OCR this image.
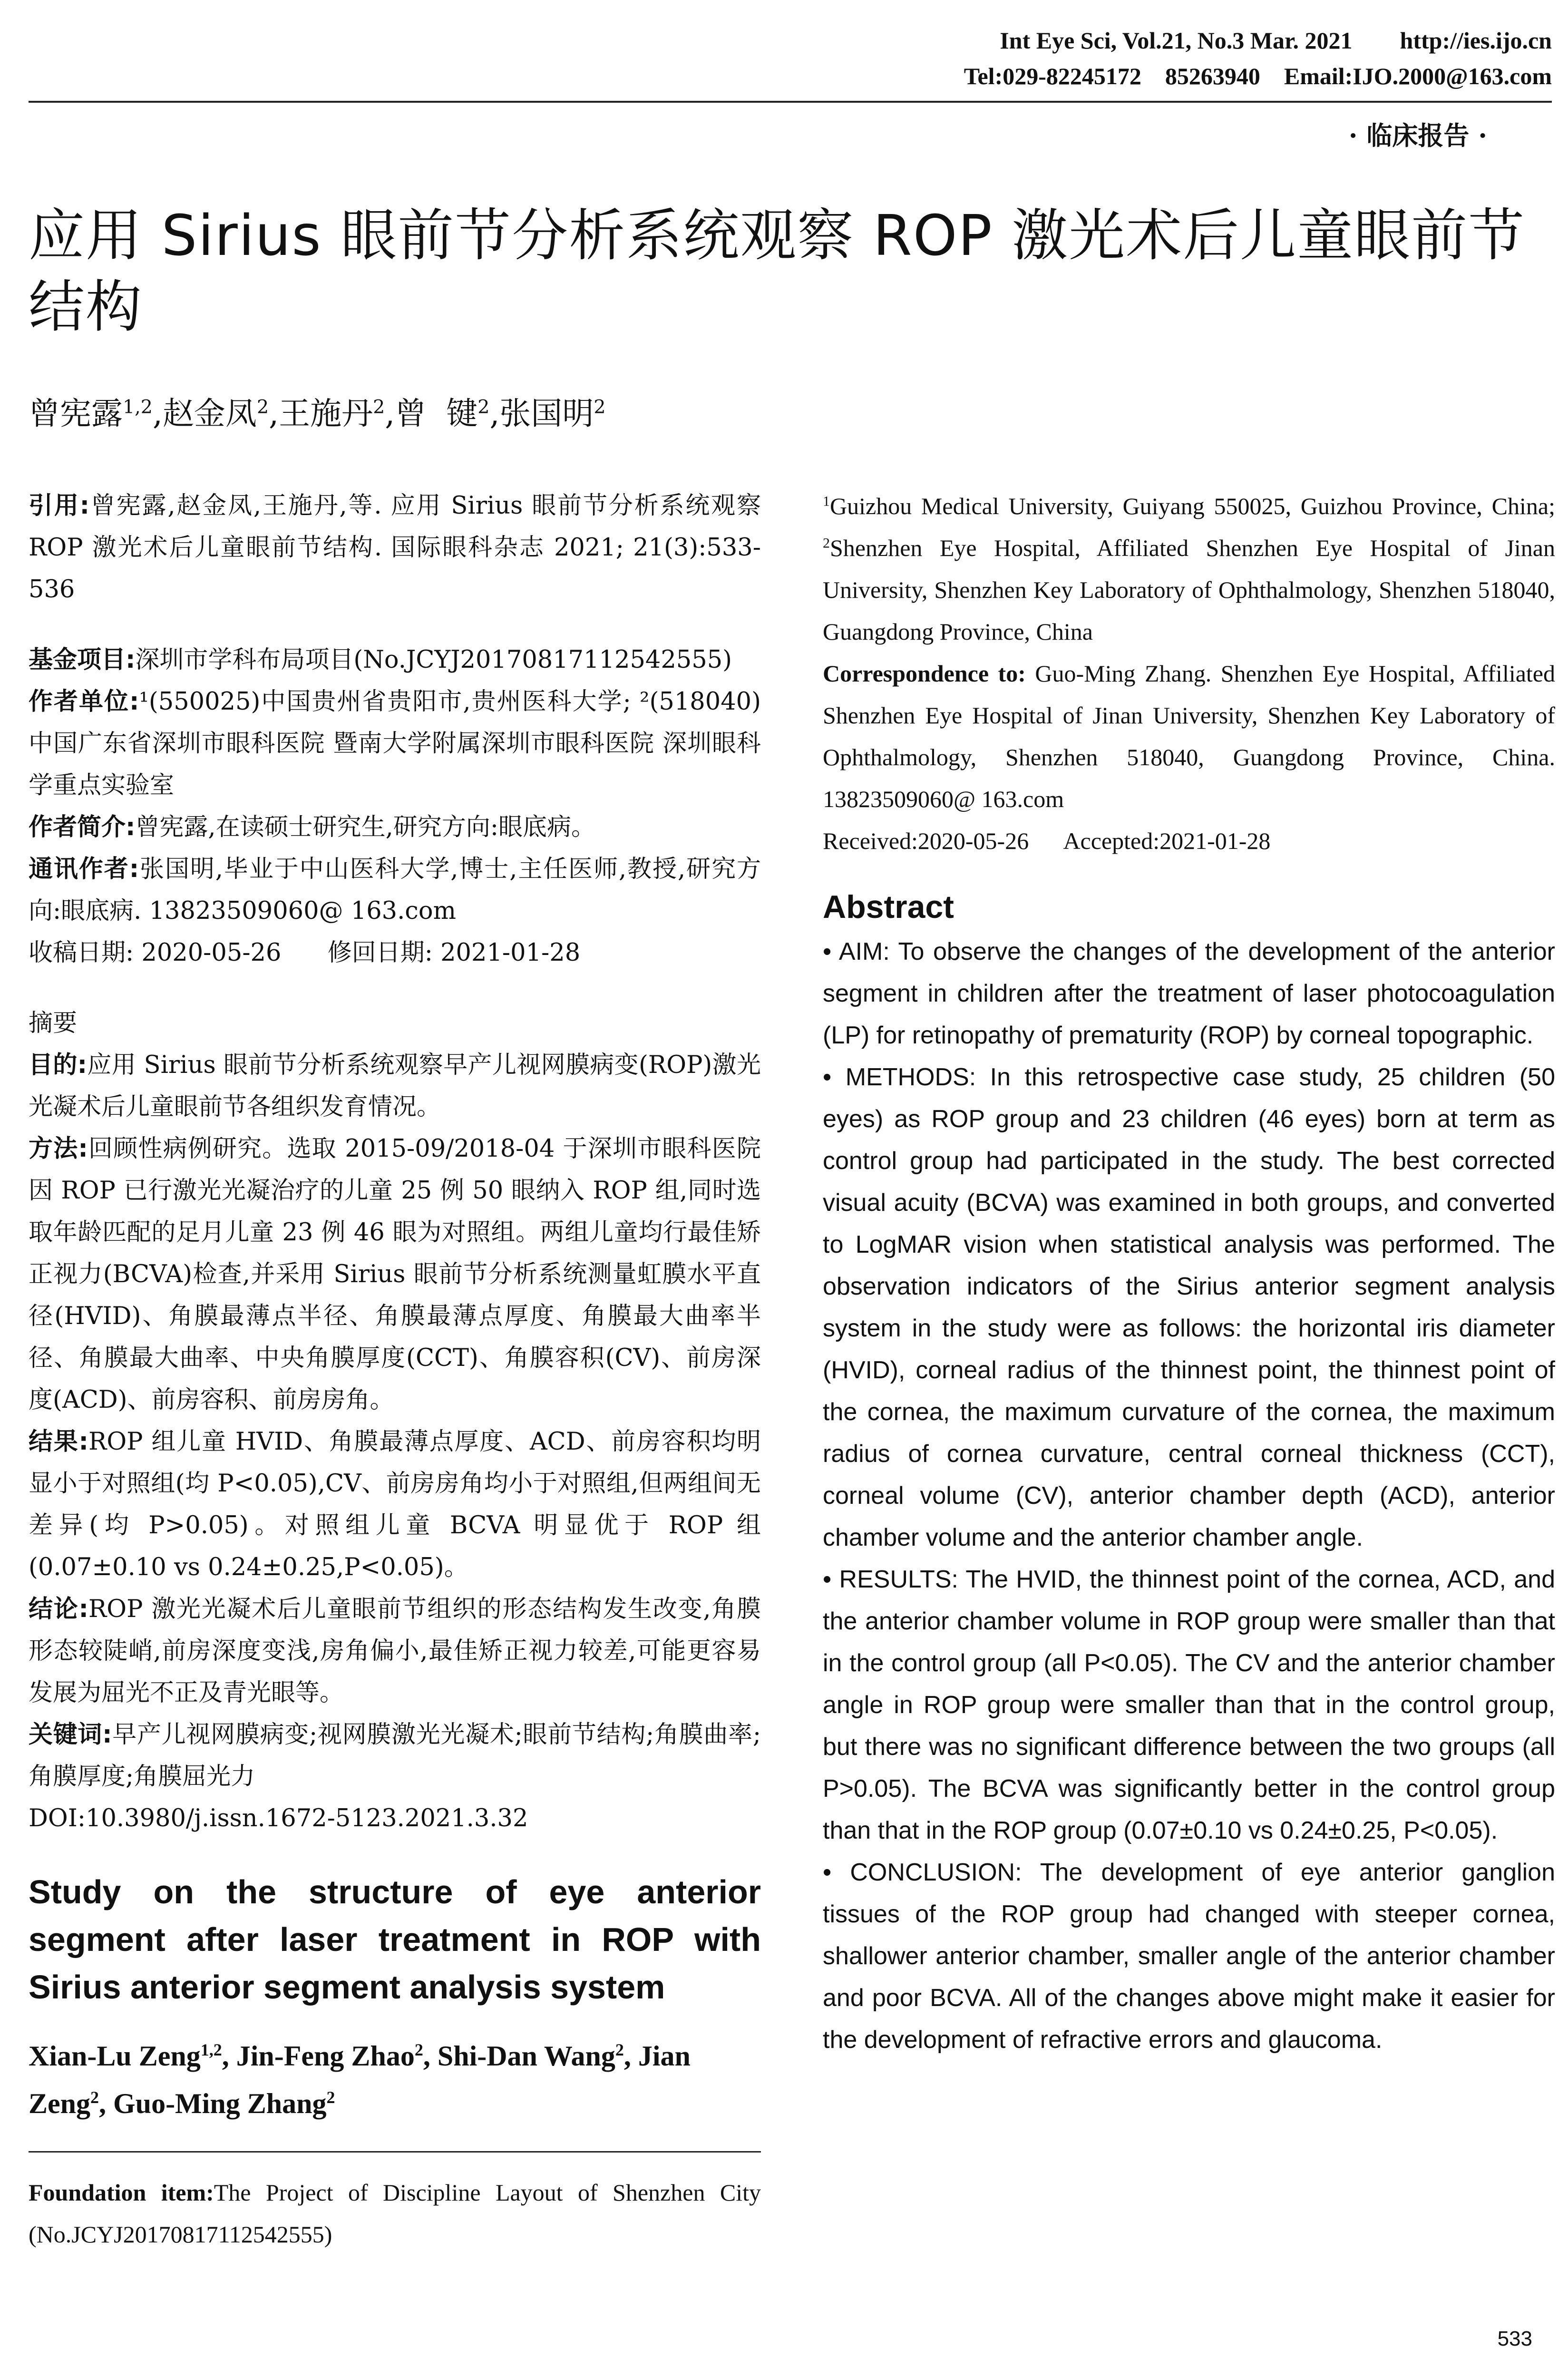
Int Eye Sci, Vol.21, No.3 Mar. 2021        http://ies.ijo.cn
Tel:029-82245172    85263940    Email:IJO.2000@163.com
· 临床报告 ·
应用 Sirius 眼前节分析系统观察 ROP 激光术后儿童眼前节结构
曾宪露$^{1,2}$,赵金凤$^2$,王施丹$^2$,曾  键$^2$,张国明$^2$

引用:曾宪露,赵金凤,王施丹,等. 应用 Sirius 眼前节分析系统观察 ROP 激光术后儿童眼前节结构. 国际眼科杂志 2021; 21(3):533-536

基金项目:深圳市学科布局项目(No.JCYJ20170817112542555)

作者单位:¹(550025)中国贵州省贵阳市,贵州医科大学; ²(518040)中国广东省深圳市眼科医院 暨南大学附属深圳市眼科医院 深圳眼科学重点实验室

作者简介:曾宪露,在读硕士研究生,研究方向:眼底病。

通讯作者:张国明,毕业于中山医科大学,博士,主任医师,教授,研究方向:眼底病. 13823509060@ 163.com

收稿日期: 2020-05-26      修回日期: 2021-01-28

摘要

目的:应用 Sirius 眼前节分析系统观察早产儿视网膜病变(ROP)激光光凝术后儿童眼前节各组织发育情况。

方法:回顾性病例研究。选取 2015-09/2018-04 于深圳市眼科医院因 ROP 已行激光光凝治疗的儿童 25 例 50 眼纳入 ROP 组,同时选取年龄匹配的足月儿童 23 例 46 眼为对照组。两组儿童均行最佳矫正视力(BCVA)检查,并采用 Sirius 眼前节分析系统测量虹膜水平直径(HVID)、角膜最薄点半径、角膜最薄点厚度、角膜最大曲率半径、角膜最大曲率、中央角膜厚度(CCT)、角膜容积(CV)、前房深度(ACD)、前房容积、前房房角。

结果:ROP 组儿童 HVID、角膜最薄点厚度、ACD、前房容积均明显小于对照组(均 P<0.05),CV、前房房角均小于对照组,但两组间无差异(均 P>0.05)。对照组儿童 BCVA 明显优于 ROP 组(0.07±0.10 vs 0.24±0.25,P<0.05)。

结论:ROP 激光光凝术后儿童眼前节组织的形态结构发生改变,角膜形态较陡峭,前房深度变浅,房角偏小,最佳矫正视力较差,可能更容易发展为屈光不正及青光眼等。

关键词:早产儿视网膜病变;视网膜激光光凝术;眼前节结构;角膜曲率;角膜厚度;角膜屈光力

DOI:10.3980/j.issn.1672-5123.2021.3.32

Study on the structure of eye anterior segment after laser treatment in ROP with Sirius anterior segment analysis system

Xian-Lu Zeng$^{1,2}$, Jin-Feng Zhao$^2$, Shi-Dan Wang$^2$, Jian Zeng$^2$, Guo-Ming Zhang$^2$

Foundation item:The Project of Discipline Layout of Shenzhen City (No.JCYJ20170817112542555)

$^1$Guizhou Medical University, Guiyang 550025, Guizhou Province, China; $^2$Shenzhen Eye Hospital, Affiliated Shenzhen Eye Hospital of Jinan University, Shenzhen Key Laboratory of Ophthalmology, Shenzhen 518040, Guangdong Province, China

Correspondence to: Guo-Ming Zhang. Shenzhen Eye Hospital, Affiliated Shenzhen Eye Hospital of Jinan University, Shenzhen Key Laboratory of Ophthalmology, Shenzhen 518040, Guangdong Province, China. 13823509060@ 163.com

Received:2020-05-26      Accepted:2021-01-28

Abstract

• AIM: To observe the changes of the development of the anterior segment in children after the treatment of laser photocoagulation (LP) for retinopathy of prematurity (ROP) by corneal topographic.

• METHODS: In this retrospective case study, 25 children (50 eyes) as ROP group and 23 children (46 eyes) born at term as control group had participated in the study. The best corrected visual acuity (BCVA) was examined in both groups, and converted to LogMAR vision when statistical analysis was performed. The observation indicators of the Sirius anterior segment analysis system in the study were as follows: the horizontal iris diameter (HVID), corneal radius of the thinnest point, the thinnest point of the cornea, the maximum curvature of the cornea, the maximum radius of cornea curvature, central corneal thickness (CCT), corneal volume (CV), anterior chamber depth (ACD), anterior chamber volume and the anterior chamber angle.

• RESULTS: The HVID, the thinnest point of the cornea, ACD, and the anterior chamber volume in ROP group were smaller than that in the control group (all P<0.05). The CV and the anterior chamber angle in ROP group were smaller than that in the control group, but there was no significant difference between the two groups (all P>0.05). The BCVA was significantly better in the control group than that in the ROP group (0.07±0.10 vs 0.24±0.25, P<0.05).

• CONCLUSION: The development of eye anterior ganglion tissues of the ROP group had changed with steeper cornea, shallower anterior chamber, smaller angle of the anterior chamber and poor BCVA. All of the changes above might make it easier for the development of refractive errors and glaucoma.

533
